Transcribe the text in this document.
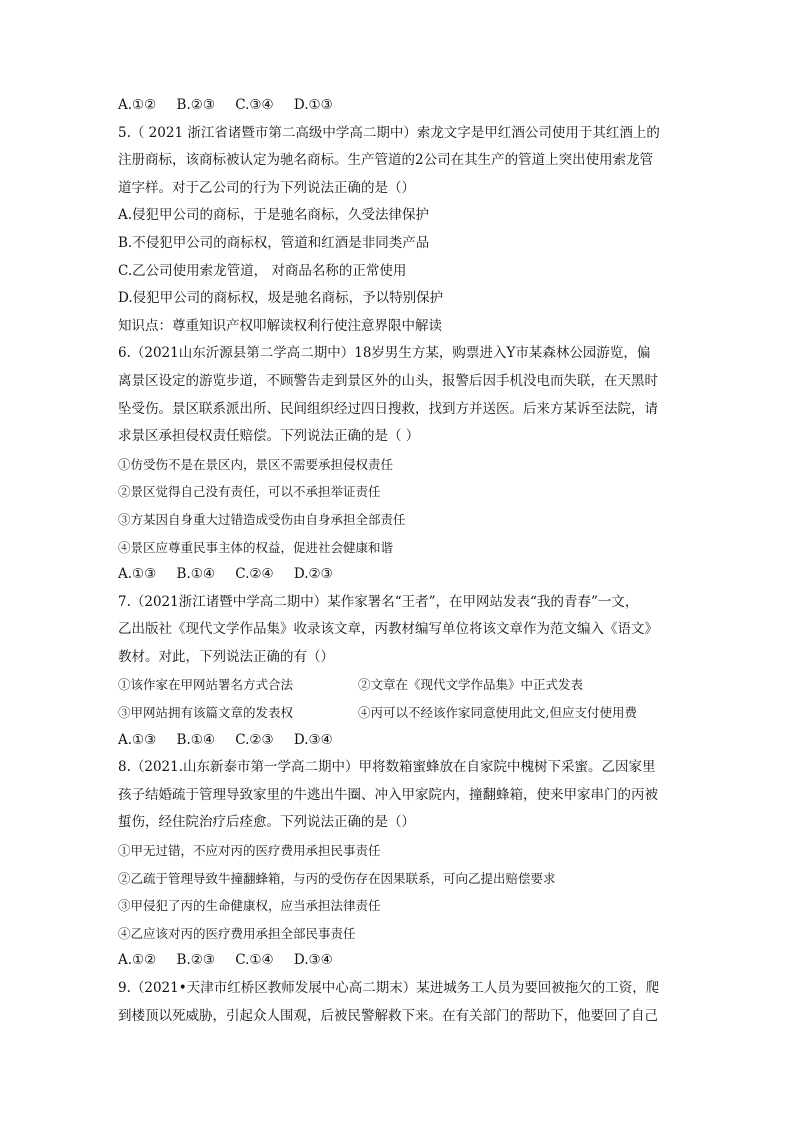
A.①② B.②③ C.③④ D.①③
5.（ 2021 浙江省诸暨市第二高级中学高二期中）索龙文字是甲红酒公司使用于其红酒上的
注册商标，该商标被认定为驰名商标。生产管道的2公司在其生产的管道上突出使用索龙管
道字样。对于乙公司的行为下列说法正确的是（）
A.侵犯甲公司的商标，于是驰名商标，久受法律保护
B.不侵犯甲公司的商标权，管道和红酒是非同类产品
C.乙公司使用索龙管道， 对商品名称的正常使用
D.侵犯甲公司的商标权，圾是驰名商标，予以特别保护
知识点：尊重知识产权叩解读权利行使注意界限中解读
6.（2021山东沂源县第二学高二期中）18岁男生方某，购票进入Y市某森林公园游览，偏
离景区设定的游览步道，不顾警告走到景区外的山头，报警后因手机没电而失联，在天黑时
坠受伤。景区联系派出所、民间组织经过四日搜救，找到方并送医。后来方某诉至法院，请
求景区承担侵权责任赔偿。下列说法正确的是（ ）
①仿受伤不是在景区内，景区不需要承担侵权责任
②景区觉得自己没有责任，可以不承担举证责任
③方某因自身重大过错造成受伤由自身承担全部责任
④景区应尊重民事主体的权益，促进社会健康和谐
A.①③ B.①④ C.②④ D.②③
7.（2021浙江诸暨中学高二期中）某作家署名“王者”，在甲网站发表“我的青春”一文，
乙出版社《现代文学作品集》收录该文章，丙教材编写单位将该文章作为范文编入《语文》
教材。对此，下列说法正确的有（）
①该作家在甲网站署名方式合法	②文章在《现代文学作品集》中正式发表
③甲网站拥有该篇文章的发表权	④丙可以不经该作家同意使用此文,但应支付使用费
A.①③ B.①④ C.②③ D.③④
8.（2021.山东新泰市第一学高二期中）甲将数箱蜜蜂放在自家院中槐树下采蜜。乙因家里
孩子结婚疏于管理导致家里的牛逃出牛圈、冲入甲家院内，撞翻蜂箱，使来甲家串门的丙被
蜇伤，经住院治疗后痊愈。下列说法正确的是（）
①甲无过错，不应对丙的医疗费用承担民事责任
②乙疏于管理导致牛撞翻蜂箱，与丙的受伤存在因果联系，可向乙提出赔偿要求
③甲侵犯了丙的生命健康权，应当承担法律责任
④乙应该对丙的医疗费用承担全部民事责任
A.①② B.②③ C.①④ D.③④
9.（2021•天津市红桥区教师发展中心高二期末）某进城务工人员为要回被拖欠的工资，爬
到楼顶以死威胁，引起众人围观，后被民警解救下来。在有关部门的帮助下，他要回了自己
